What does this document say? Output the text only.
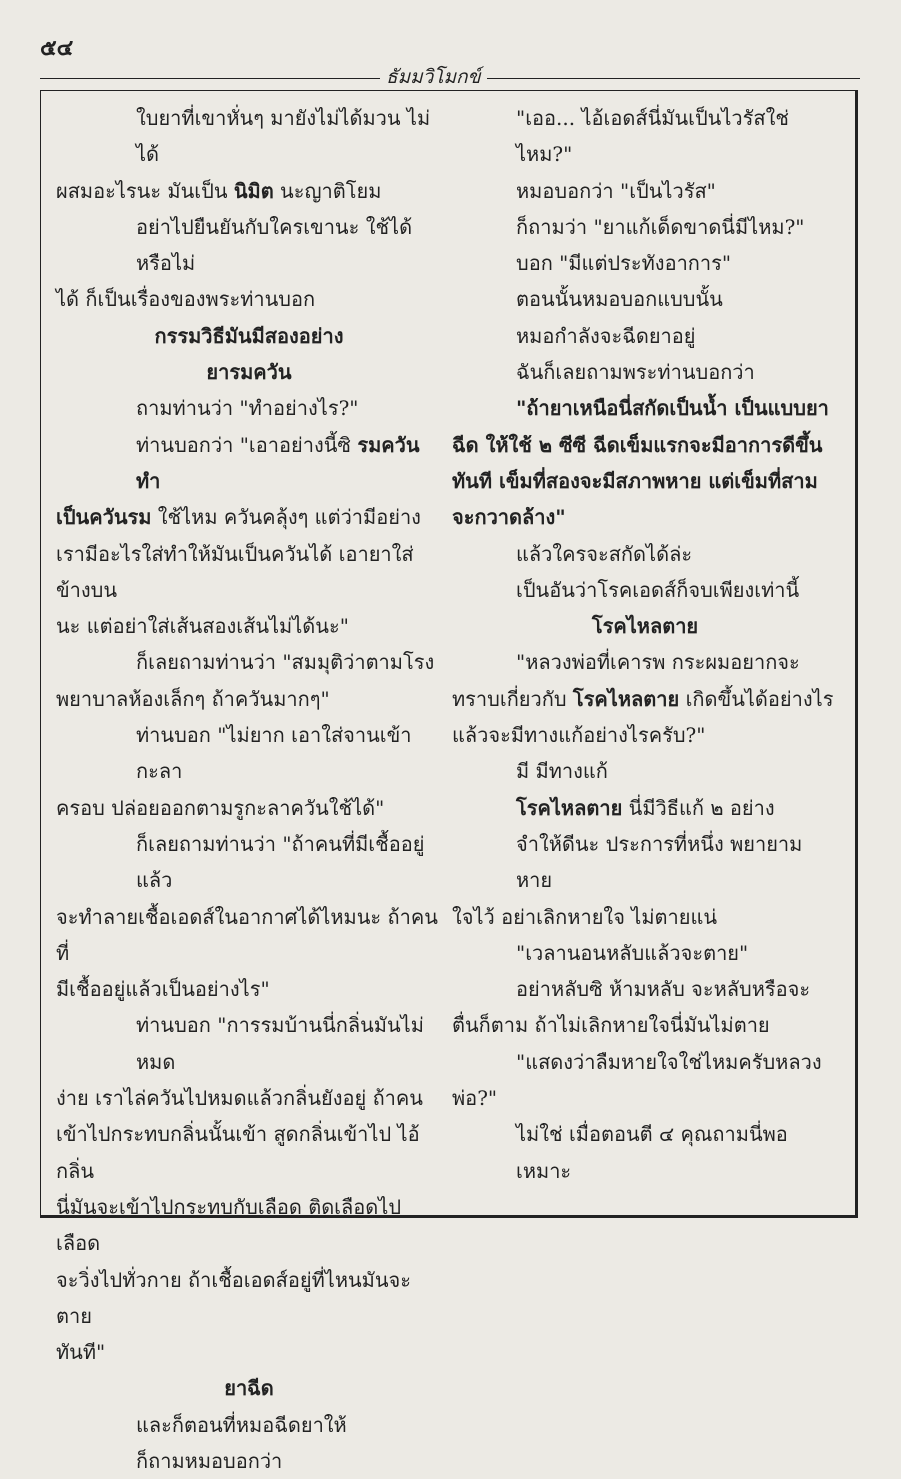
๕๔
ธัมมวิโมกข์

ใบยาที่เขาหั่นๆ มายังไม่ได้มวน ไม่ได้

ผสมอะไรนะ มันเป็น นิมิต นะญาติโยม

อย่าไปยืนยันกับใครเขานะ ใช้ได้หรือไม่

ได้ ก็เป็นเรื่องของพระท่านบอก

กรรมวิธีมันมีสองอย่าง

ยารมควัน

ถามท่านว่า "ทำอย่างไร?"

ท่านบอกว่า "เอาอย่างนี้ซิ รมควัน ทำ

เป็นควันรม ใช้ไหม ควันคลุ้งๆ แต่ว่ามีอย่าง

เรามีอะไรใส่ทำให้มันเป็นควันได้ เอายาใส่ข้างบน

นะ แต่อย่าใส่เส้นสองเส้นไม่ได้นะ"

ก็เลยถามท่านว่า "สมมุติว่าตามโรง

พยาบาลห้องเล็กๆ ถ้าควันมากๆ"

ท่านบอก "ไม่ยาก เอาใส่จานเข้ากะลา

ครอบ ปล่อยออกตามรูกะลาควันใช้ได้"

ก็เลยถามท่านว่า "ถ้าคนที่มีเชื้ออยู่แล้ว

จะทำลายเชื้อเอดส์ในอากาศได้ไหมนะ ถ้าคนที่

มีเชื้ออยู่แล้วเป็นอย่างไร"

ท่านบอก "การรมบ้านนี่กลิ่นมันไม่หมด

ง่าย เราไล่ควันไปหมดแล้วกลิ่นยังอยู่ ถ้าคน

เข้าไปกระทบกลิ่นนั้นเข้า สูดกลิ่นเข้าไป ไอ้กลิ่น

นี่มันจะเข้าไปกระทบกับเลือด ติดเลือดไป เลือด

จะวิ่งไปทั่วกาย ถ้าเชื้อเอดส์อยู่ที่ไหนมันจะตาย

ทันที"

ยาฉีด

และก็ตอนที่หมอฉีดยาให้

ก็ถามหมอบอกว่า

"เออ... ไอ้เอดส์นี่มันเป็นไวรัสใช่ไหม?"

หมอบอกว่า "เป็นไวรัส"

ก็ถามว่า "ยาแก้เด็ดขาดนี่มีไหม?"

บอก "มีแต่ประทังอาการ"

ตอนนั้นหมอบอกแบบนั้น

หมอกำลังจะฉีดยาอยู่

ฉันก็เลยถามพระท่านบอกว่า

"ถ้ายาเหนือนี่สกัดเป็นน้ำ เป็นแบบยา

ฉีด ให้ใช้ ๒ ซีซี ฉีดเข็มแรกจะมีอาการดีขึ้น

ทันที เข็มที่สองจะมีสภาพหาย แต่เข็มที่สาม

จะกวาดล้าง"

แล้วใครจะสกัดได้ล่ะ

เป็นอันว่าโรคเอดส์ก็จบเพียงเท่านี้

โรคไหลตาย

"หลวงพ่อที่เคารพ กระผมอยากจะ

ทราบเกี่ยวกับ โรคไหลตาย เกิดขึ้นได้อย่างไร

แล้วจะมีทางแก้อย่างไรครับ?"

มี มีทางแก้

โรคไหลตาย นี่มีวิธีแก้ ๒ อย่าง

จำให้ดีนะ ประการที่หนึ่ง พยายามหาย

ใจไว้ อย่าเลิกหายใจ ไม่ตายแน่

"เวลานอนหลับแล้วจะตาย"

อย่าหลับซิ ห้ามหลับ จะหลับหรือจะ

ตื่นก็ตาม ถ้าไม่เลิกหายใจนี่มันไม่ตาย

"แสดงว่าลืมหายใจใช่ไหมครับหลวง

พ่อ?"

ไม่ใช่ เมื่อตอนตี ๔ คุณถามนี่พอเหมาะ
